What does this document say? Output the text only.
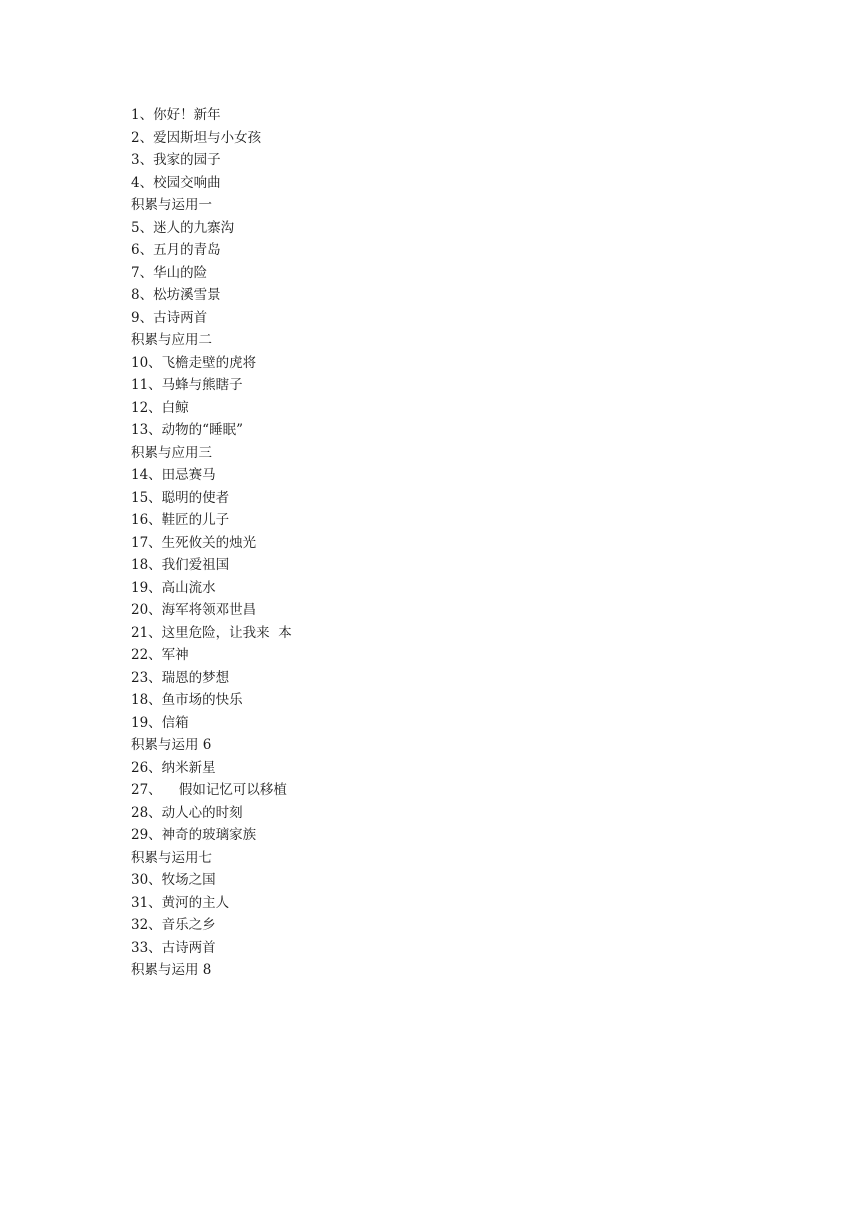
1、你好！新年
2、爱因斯坦与小女孩
3、我家的园子
4、校园交响曲
积累与运用一
5、迷人的九寨沟
6、五月的青岛
7、华山的险
8、松坊溪雪景
9、古诗两首
积累与应用二
10、飞檐走壁的虎将
11、马蜂与熊瞎子
12、白鲸
13、动物的“睡眠”
积累与应用三
14、田忌赛马
15、聪明的使者
16、鞋匠的儿子
17、生死攸关的烛光
18、我们爱祖国
19、高山流水
20、海军将领邓世昌
21、这里危险，让我来  本
22、军神
23、瑞恩的梦想
18、鱼市场的快乐
19、信箱
积累与运用 6
26、纳米新星
27、    假如记忆可以移植
28、动人心的时刻
29、神奇的玻璃家族
积累与运用七
30、牧场之国
31、黄河的主人
32、音乐之乡
33、古诗两首
积累与运用 8
